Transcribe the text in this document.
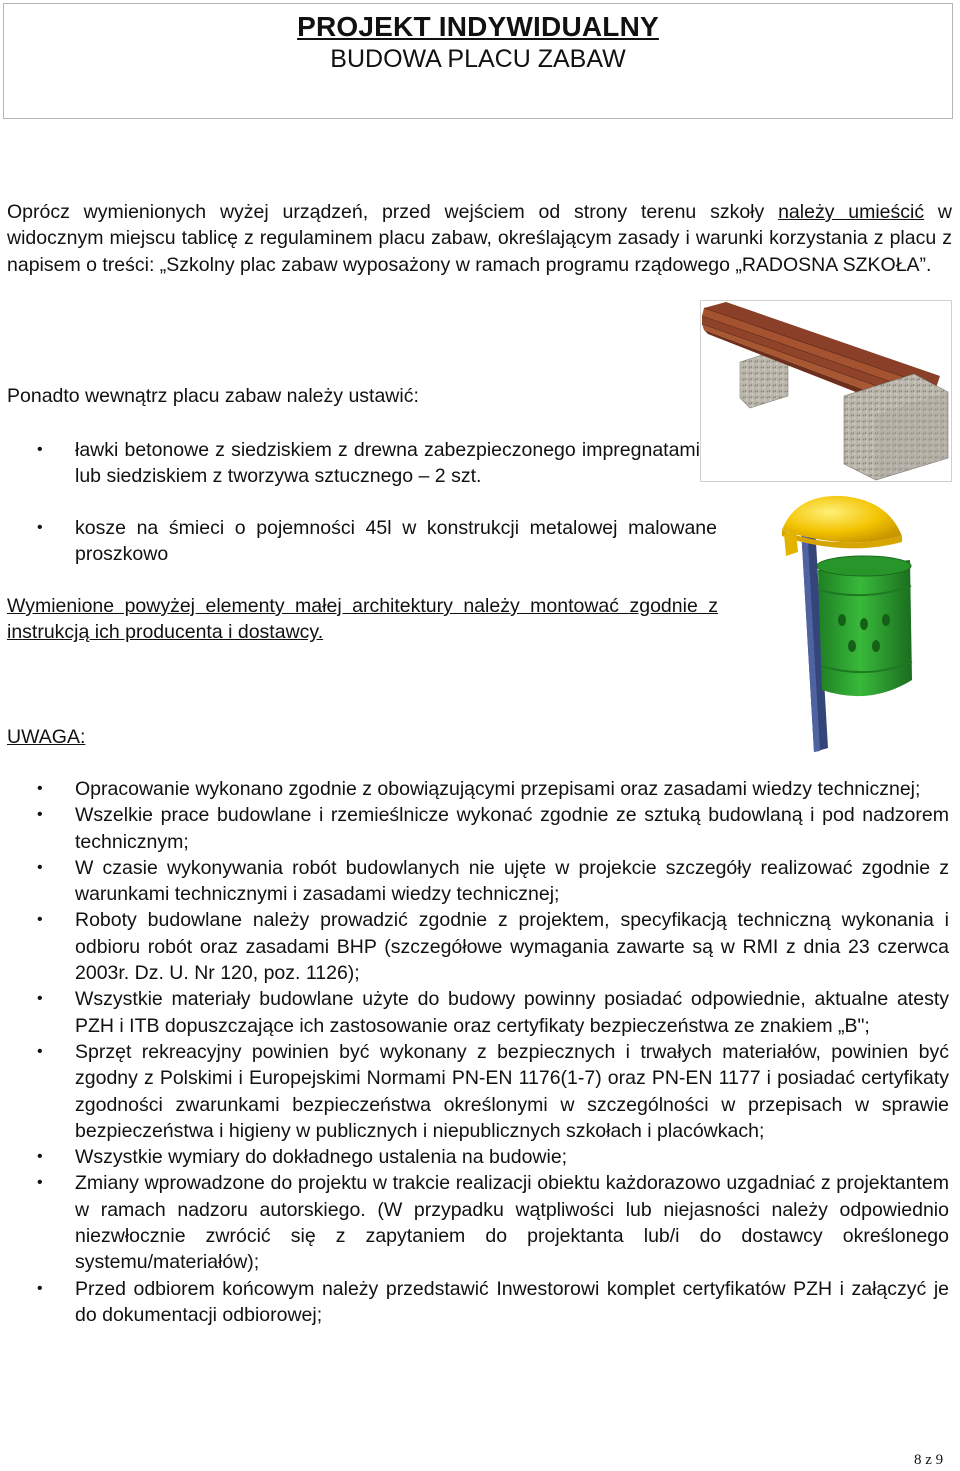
PROJEKT INDYWIDUALNY
BUDOWA PLACU ZABAW
Oprócz wymienionych wyżej urządzeń, przed wejściem od strony terenu szkoły należy umieścić w widocznym miejscu tablicę z regulaminem placu zabaw, określającym zasady i warunki korzystania z placu z napisem o treści: „Szkolny plac zabaw wyposażony w ramach programu rządowego „RADOSNA SZKOŁA”.
Ponadto wewnątrz placu zabaw należy ustawić:
• ławki betonowe z siedziskiem z drewna zabezpieczonego impregnatami lub siedziskiem z tworzywa sztucznego – 2 szt.
• kosze na śmieci o pojemności 45l w konstrukcji metalowej malowane proszkowo
Wymienione powyżej elementy małej architektury należy montować zgodnie z instrukcją ich producenta i dostawcy.
UWAGA:
• Opracowanie wykonano zgodnie z obowiązującymi przepisami oraz zasadami wiedzy technicznej;
• Wszelkie prace budowlane i rzemieślnicze wykonać zgodnie ze sztuką budowlaną i pod nadzorem technicznym;
• W czasie wykonywania robót budowlanych nie ujęte w projekcie szczegóły realizować zgodnie z warunkami technicznymi i zasadami wiedzy technicznej;
• Roboty budowlane należy prowadzić zgodnie z projektem, specyfikacją techniczną wykonania i odbioru robót oraz zasadami BHP (szczegółowe wymagania zawarte są w RMI z dnia 23 czerwca 2003r. Dz. U. Nr 120, poz. 1126);
• Wszystkie materiały budowlane użyte do budowy powinny posiadać odpowiednie, aktualne atesty PZH i ITB dopuszczające ich zastosowanie oraz certyfikaty bezpieczeństwa ze znakiem „B";
• Sprzęt rekreacyjny powinien być wykonany z bezpiecznych i trwałych materiałów, powinien być zgodny z Polskimi i Europejskimi Normami PN-EN 1176(1-7) oraz PN-EN 1177 i posiadać certyfikaty zgodności zwarunkami bezpieczeństwa określonymi w szczególności w przepisach w sprawie bezpieczeństwa i higieny w publicznych i niepublicznych szkołach i placówkach;
• Wszystkie wymiary do dokładnego ustalenia na budowie;
• Zmiany wprowadzone do projektu w trakcie realizacji obiektu każdorazowo uzgadniać z projektantem w ramach nadzoru autorskiego. (W przypadku wątpliwości lub niejasności należy odpowiednio niezwłocznie zwrócić się z zapytaniem do projektanta lub/i do dostawcy określonego systemu/materiałów);
• Przed odbiorem końcowym należy przedstawić Inwestorowi komplet certyfikatów PZH i załączyć je do dokumentacji odbiorowej;
8 z 9
